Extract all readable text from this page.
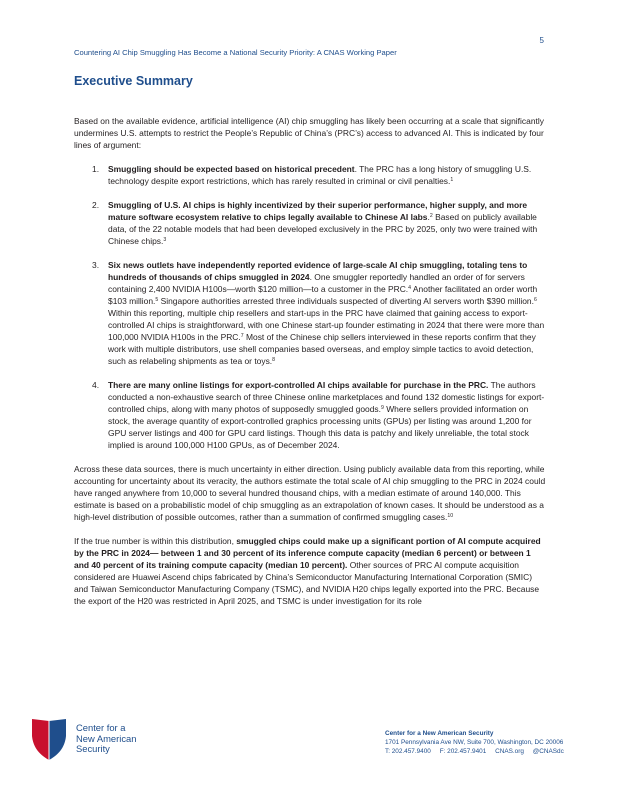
5
Countering AI Chip Smuggling Has Become a National Security Priority: A CNAS Working Paper
Executive Summary

Based on the available evidence, artificial intelligence (AI) chip smuggling has likely been occurring at a scale that significantly undermines U.S. attempts to restrict the People’s Republic of China’s (PRC’s) access to advanced AI. This is indicated by four lines of argument:

1. Smuggling should be expected based on historical precedent. The PRC has a long history of smuggling U.S. technology despite export restrictions, which has rarely resulted in criminal or civil penalties.$^1$
2. Smuggling of U.S. AI chips is highly incentivized by their superior performance, higher supply, and more mature software ecosystem relative to chips legally available to Chinese AI labs.$^2$ Based on publicly available data, of the 22 notable models that had been developed exclusively in the PRC by 2025, only two were trained with Chinese chips.$^3$
3. Six news outlets have independently reported evidence of large-scale AI chip smuggling, totaling tens to hundreds of thousands of chips smuggled in 2024. One smuggler reportedly handled an order of for servers containing 2,400 NVIDIA H100s—worth $120 million—to a customer in the PRC.$^4$ Another facilitated an order worth $103 million.$^5$ Singapore authorities arrested three individuals suspected of diverting AI servers worth $390 million.$^6$ Within this reporting, multiple chip resellers and start-ups in the PRC have claimed that gaining access to export-controlled AI chips is straightforward, with one Chinese start-up founder estimating in 2024 that there were more than 100,000 NVIDIA H100s in the PRC.$^7$ Most of the Chinese chip sellers interviewed in these reports confirm that they work with multiple distributors, use shell companies based overseas, and employ simple tactics to avoid detection, such as relabeling shipments as tea or toys.$^8$
4. There are many online listings for export-controlled AI chips available for purchase in the PRC. The authors conducted a non-exhaustive search of three Chinese online marketplaces and found 132 domestic listings for export-controlled chips, along with many photos of supposedly smuggled goods.$^9$ Where sellers provided information on stock, the average quantity of export-controlled graphics processing units (GPUs) per listing was around 1,200 for GPU server listings and 400 for GPU card listings. Though this data is patchy and likely unreliable, the total stock implied is around 100,000 H100 GPUs, as of December 2024.

Across these data sources, there is much uncertainty in either direction. Using publicly available data from this reporting, while accounting for uncertainty about its veracity, the authors estimate the total scale of AI chip smuggling to the PRC in 2024 could have ranged anywhere from 10,000 to several hundred thousand chips, with a median estimate of around 140,000. This estimate is based on a probabilistic model of chip smuggling as an extrapolation of known cases. It should be understood as a high-level distribution of possible outcomes, rather than a summation of confirmed smuggling cases.$^{10}$

If the true number is within this distribution, smuggled chips could make up a significant portion of AI compute acquired by the PRC in 2024— between 1 and 30 percent of its inference compute capacity (median 6 percent) or between 1 and 40 percent of its training compute capacity (median 10 percent). Other sources of PRC AI compute acquisition considered are Huawei Ascend chips fabricated by China’s Semiconductor Manufacturing International Corporation (SMIC) and Taiwan Semiconductor Manufacturing Company (TSMC), and NVIDIA H20 chips legally exported into the PRC. Because the export of the H20 was restricted in April 2025, and TSMC is under investigation for its role

Center for a
New American
Security
Center for a New American Security
1701 Pennsylvania Ave NW, Suite 700, Washington, DC 20006
T: 202.457.9400     F: 202.457.9401     CNAS.org     @CNASdc
